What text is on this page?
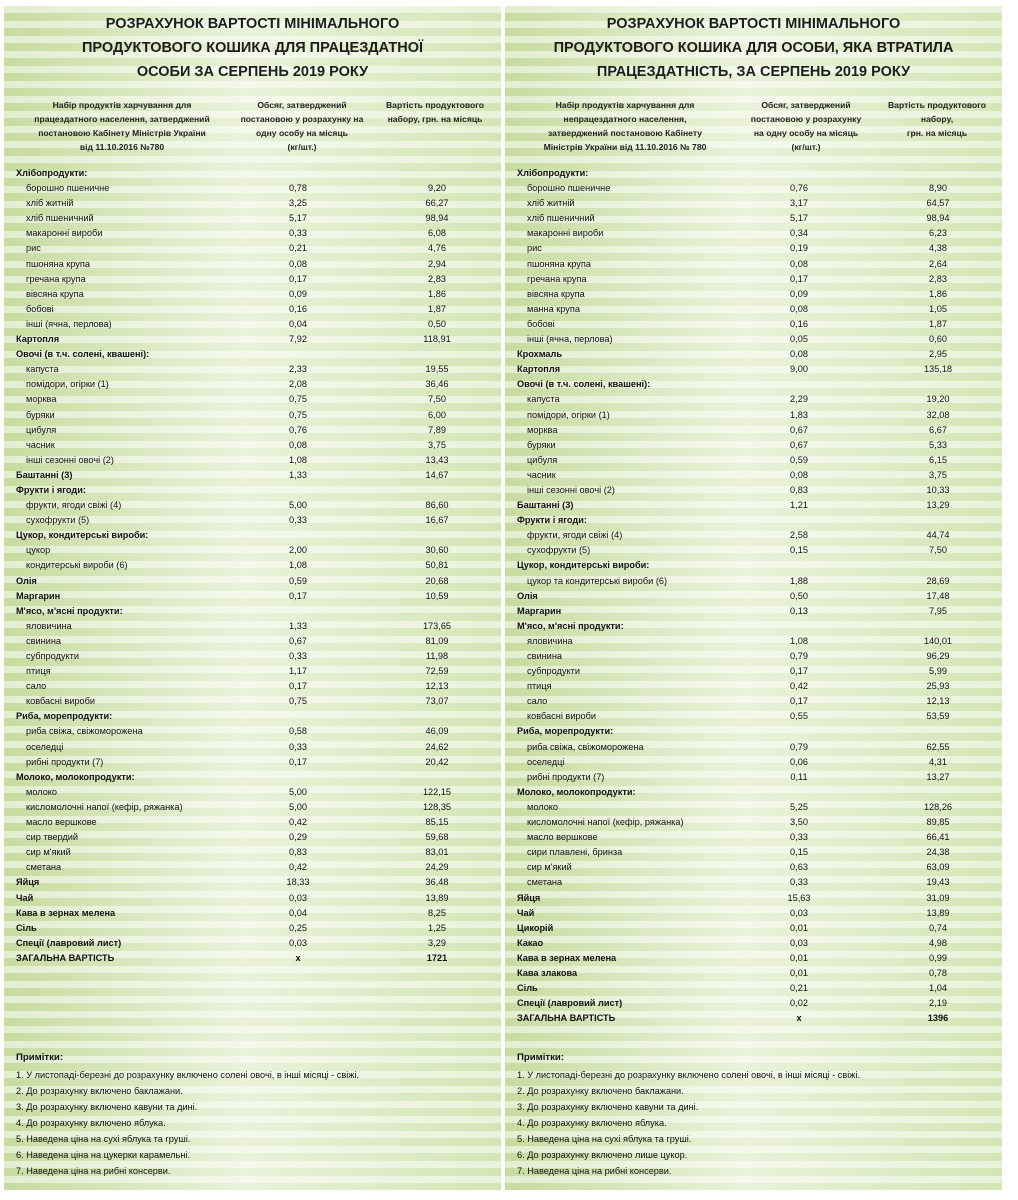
РОЗРАХУНОК ВАРТОСТІ МІНІМАЛЬНОГО
ПРОДУКТОВОГО КОШИКА ДЛЯ ПРАЦЕЗДАТНОЇ
ОСОБИ ЗА СЕРПЕНЬ 2019 РОКУ
Набір продуктів харчування для
працездатного населення, затверджений
постановою Кабінету Міністрів України
від 11.10.2016 №780
Обсяг, затверджений
постановою у розрахунку на
одну особу на місяць
(кг/шт.)
Вартість продуктового
набору, грн. на місяць
Хлібопродукти:
борошно пшеничне	0,78	9,20
хліб житній	3,25	66,27
хліб пшеничний	5,17	98,94
макаронні вироби	0,33	6,08
рис	0,21	4,76
пшоняна крупа	0,08	2,94
гречана крупа	0,17	2,83
вівсяна крупа	0,09	1,86
бобові	0,16	1,87
інші (ячна, перлова)	0,04	0,50
Картопля	7,92	118,91
Овочі (в т.ч. солені, квашені):
капуста	2,33	19,55
помідори, огірки (1)	2,08	36,46
морква	0,75	7,50
буряки	0,75	6,00
цибуля	0,76	7,89
часник	0,08	3,75
інші сезонні овочі (2)	1,08	13,43
Баштанні (3)	1,33	14,67
Фрукти і ягоди:
фрукти, ягоди свіжі (4)	5,00	86,60
сухофрукти (5)	0,33	16,67
Цукор, кондитерські вироби:
цукор	2,00	30,60
кондитерські вироби (6)	1,08	50,81
Олія	0,59	20,68
Маргарин	0,17	10,59
М'ясо, м'ясні продукти:
яловичина	1,33	173,65
свинина	0,67	81,09
субпродукти	0,33	11,98
птиця	1,17	72,59
сало	0,17	12,13
ковбасні вироби	0,75	73,07
Риба, морепродукти:
риба свіжа, свіжоморожена	0,58	46,09
оселедці	0,33	24,62
рибні продукти (7)	0,17	20,42
Молоко, молокопродукти:
молоко	5,00	122,15
кисломолочні напої (кефір, ряжанка)	5,00	128,35
масло вершкове	0,42	85,15
сир твердий	0,29	59,68
сир м'який	0,83	83,01
сметана	0,42	24,29
Яйця	18,33	36,48
Чай	0,03	13,89
Кава в зернах мелена	0,04	8,25
Сіль	0,25	1,25
Спеції (лавровий лист)	0,03	3,29
ЗАГАЛЬНА ВАРТІСТЬ	x	1721
Примітки:
1. У листопаді-березні до розрахунку включено солені овочі, в інші місяці - свіжі.
2. До розрахунку включено баклажани.
3. До розрахунку включено кавуни та дині.
4. До розрахунку включено яблука.
5. Наведена ціна на сухі яблука та груші.
6. Наведена ціна на цукерки карамельні.
7. Наведена ціна на рибні консерви.
РОЗРАХУНОК ВАРТОСТІ МІНІМАЛЬНОГО
ПРОДУКТОВОГО КОШИКА ДЛЯ ОСОБИ, ЯКА ВТРАТИЛА
ПРАЦЕЗДАТНІСТЬ, ЗА СЕРПЕНЬ 2019 РОКУ
Набір продуктів харчування для
непрацездатного населення,
затверджений постановою Кабінету
Міністрів України від 11.10.2016 № 780
Обсяг, затверджений
постановою у розрахунку
на одну особу на місяць
(кг/шт.)
Вартість продуктового набору,
грн. на місяць
Хлібопродукти:
борошно пшеничне	0,76	8,90
хліб житній	3,17	64,57
хліб пшеничний	5,17	98,94
макаронні вироби	0,34	6,23
рис	0,19	4,38
пшоняна крупа	0,08	2,64
гречана крупа	0,17	2,83
вівсяна крупа	0,09	1,86
манна крупа	0,08	1,05
бобові	0,16	1,87
інші (ячна, перлова)	0,05	0,60
Крохмаль	0,08	2,95
Картопля	9,00	135,18
Овочі (в т.ч. солені, квашені):
капуста	2,29	19,20
помідори, огірки (1)	1,83	32,08
морква	0,67	6,67
буряки	0,67	5,33
цибуля	0,59	6,15
часник	0,08	3,75
інші сезонні овочі (2)	0,83	10,33
Баштанні (3)	1,21	13,29
Фрукти і ягоди:
фрукти, ягоди свіжі (4)	2,58	44,74
сухофрукти (5)	0,15	7,50
Цукор, кондитерські вироби:
цукор та кондитерські вироби (6)	1,88	28,69
Олія	0,50	17,48
Маргарин	0,13	7,95
М'ясо, м'ясні продукти:
яловичина	1,08	140,01
свинина	0,79	96,29
субпродукти	0,17	5,99
птиця	0,42	25,93
сало	0,17	12,13
ковбасні вироби	0,55	53,59
Риба, морепродукти:
риба свіжа, свіжоморожена	0,79	62,55
оселедці	0,06	4,31
рибні продукти (7)	0,11	13,27
Молоко, молокопродукти:
молоко	5,25	128,26
кисломолочні напої (кефір, ряжанка)	3,50	89,85
масло вершкове	0,33	66,41
сири плавлені, бринза	0,15	24,38
сир м'який	0,63	63,09
сметана	0,33	19,43
Яйця	15,63	31,09
Чай	0,03	13,89
Цикорій	0,01	0,74
Какао	0,03	4,98
Кава в зернах мелена	0,01	0,99
Кава злакова	0,01	0,78
Сіль	0,21	1,04
Спеції (лавровий лист)	0,02	2,19
ЗАГАЛЬНА ВАРТІСТЬ	x	1396
Примітки:
1. У листопаді-березні до розрахунку включено солені овочі, в інші місяці - свіжі.
2. До розрахунку включено баклажани.
3. До розрахунку включено кавуни та дині.
4. До розрахунку включено яблука.
5. Наведена ціна на сухі яблука та груші.
6. До розрахунку включено лише цукор.
7. Наведена ціна на рибні консерви.
